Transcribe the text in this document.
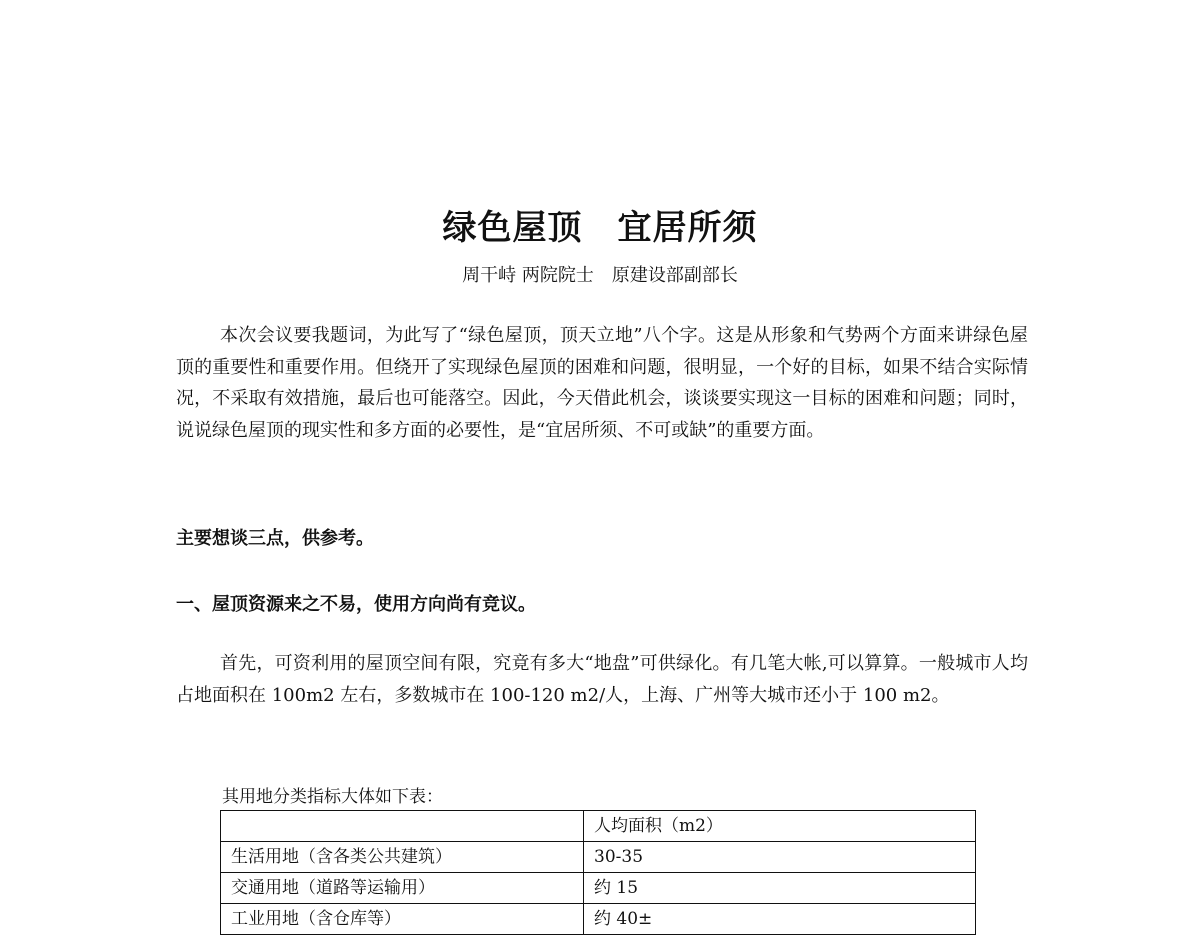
绿色屋顶　宜居所须
周干峙 两院院士　原建设部副部长

本次会议要我题词，为此写了“绿色屋顶，顶天立地”八个字。这是从形象和气势两个方面来讲绿色屋顶的重要性和重要作用。但绕开了实现绿色屋顶的困难和问题，很明显，一个好的目标，如果不结合实际情况，不采取有效措施，最后也可能落空。因此，今天借此机会，谈谈要实现这一目标的困难和问题；同时，说说绿色屋顶的现实性和多方面的必要性，是“宜居所须、不可或缺”的重要方面。

主要想谈三点，供参考。
一、屋顶资源来之不易，使用方向尚有竞议。

首先，可资利用的屋顶空间有限，究竟有多大“地盘”可供绿化。有几笔大帐,可以算算。一般城市人均占地面积在 100m2 左右，多数城市在 100-120 m2/人，上海、广州等大城市还小于 100 m2。

其用地分类指标大体如下表：
	人均面积（m2）
生活用地（含各类公共建筑）	30-35
交通用地（道路等运输用）	约 15
工业用地（含仓库等）	约 40±
